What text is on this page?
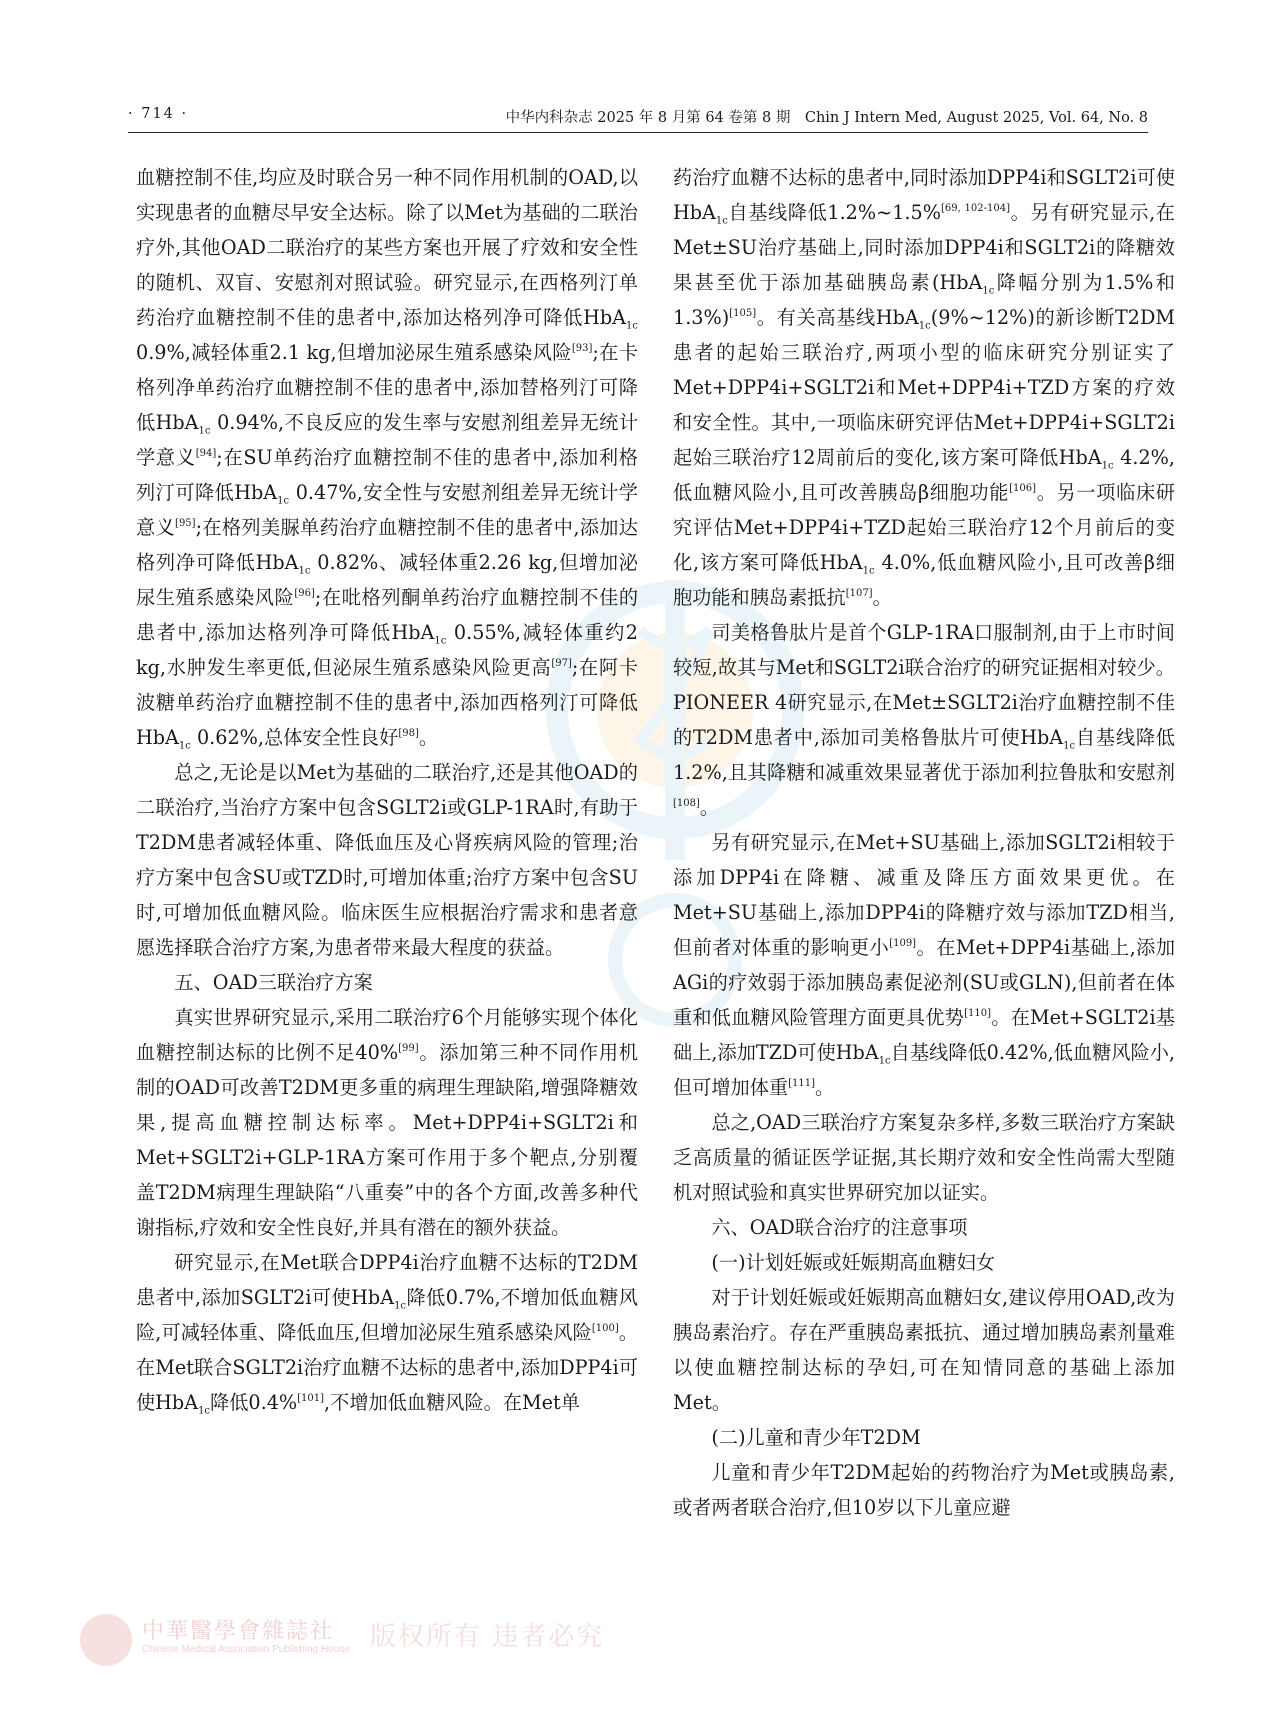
· 714 ·	中华内科杂志 2025 年 8 月第 64 卷第 8 期　Chin J Intern Med, August 2025, Vol. 64, No. 8

血糖控制不佳,均应及时联合另一种不同作用机制的OAD,以实现患者的血糖尽早安全达标。除了以Met为基础的二联治疗外,其他OAD二联治疗的某些方案也开展了疗效和安全性的随机、双盲、安慰剂对照试验。研究显示,在西格列汀单药治疗血糖控制不佳的患者中,添加达格列净可降低HbA$_{1c}$ 0.9%,减轻体重2.1 kg,但增加泌尿生殖系感染风险[93];在卡格列净单药治疗血糖控制不佳的患者中,添加替格列汀可降低HbA$_{1c}$ 0.94%,不良反应的发生率与安慰剂组差异无统计学意义[94];在SU单药治疗血糖控制不佳的患者中,添加利格列汀可降低HbA$_{1c}$ 0.47%,安全性与安慰剂组差异无统计学意义[95];在格列美脲单药治疗血糖控制不佳的患者中,添加达格列净可降低HbA$_{1c}$ 0.82%、减轻体重2.26 kg,但增加泌尿生殖系感染风险[96];在吡格列酮单药治疗血糖控制不佳的患者中,添加达格列净可降低HbA$_{1c}$ 0.55%,减轻体重约2 kg,水肿发生率更低,但泌尿生殖系感染风险更高[97];在阿卡波糖单药治疗血糖控制不佳的患者中,添加西格列汀可降低HbA$_{1c}$ 0.62%,总体安全性良好[98]。

总之,无论是以Met为基础的二联治疗,还是其他OAD的二联治疗,当治疗方案中包含SGLT2i或GLP-1RA时,有助于T2DM患者减轻体重、降低血压及心肾疾病风险的管理;治疗方案中包含SU或TZD时,可增加体重;治疗方案中包含SU时,可增加低血糖风险。临床医生应根据治疗需求和患者意愿选择联合治疗方案,为患者带来最大程度的获益。

五、OAD三联治疗方案

真实世界研究显示,采用二联治疗6个月能够实现个体化血糖控制达标的比例不足40%[99]。添加第三种不同作用机制的OAD可改善T2DM更多重的病理生理缺陷,增强降糖效果,提高血糖控制达标率。Met+DPP4i+SGLT2i和Met+SGLT2i+GLP-1RA方案可作用于多个靶点,分别覆盖T2DM病理生理缺陷“八重奏”中的各个方面,改善多种代谢指标,疗效和安全性良好,并具有潜在的额外获益。

研究显示,在Met联合DPP4i治疗血糖不达标的T2DM患者中,添加SGLT2i可使HbA$_{1c}$降低0.7%,不增加低血糖风险,可减轻体重、降低血压,但增加泌尿生殖系感染风险[100]。在Met联合SGLT2i治疗血糖不达标的患者中,添加DPP4i可使HbA$_{1c}$降低0.4%[101],不增加低血糖风险。在Met单

药治疗血糖不达标的患者中,同时添加DPP4i和SGLT2i可使HbA$_{1c}$自基线降低1.2%~1.5%[69, 102-104]。另有研究显示,在Met±SU治疗基础上,同时添加DPP4i和SGLT2i的降糖效果甚至优于添加基础胰岛素(HbA$_{1c}$降幅分别为1.5%和1.3%)[105]。有关高基线HbA$_{1c}$(9%~12%)的新诊断T2DM患者的起始三联治疗,两项小型的临床研究分别证实了Met+DPP4i+SGLT2i和Met+DPP4i+TZD方案的疗效和安全性。其中,一项临床研究评估Met+DPP4i+SGLT2i起始三联治疗12周前后的变化,该方案可降低HbA$_{1c}$ 4.2%,低血糖风险小,且可改善胰岛β细胞功能[106]。另一项临床研究评估Met+DPP4i+TZD起始三联治疗12个月前后的变化,该方案可降低HbA$_{1c}$ 4.0%,低血糖风险小,且可改善β细胞功能和胰岛素抵抗[107]。

司美格鲁肽片是首个GLP-1RA口服制剂,由于上市时间较短,故其与Met和SGLT2i联合治疗的研究证据相对较少。PIONEER 4研究显示,在Met±SGLT2i治疗血糖控制不佳的T2DM患者中,添加司美格鲁肽片可使HbA$_{1c}$自基线降低1.2%,且其降糖和减重效果显著优于添加利拉鲁肽和安慰剂[108]。

另有研究显示,在Met+SU基础上,添加SGLT2i相较于添加DPP4i在降糖、减重及降压方面效果更优。在Met+SU基础上,添加DPP4i的降糖疗效与添加TZD相当,但前者对体重的影响更小[109]。在Met+DPP4i基础上,添加AGi的疗效弱于添加胰岛素促泌剂(SU或GLN),但前者在体重和低血糖风险管理方面更具优势[110]。在Met+SGLT2i基础上,添加TZD可使HbA$_{1c}$自基线降低0.42%,低血糖风险小,但可增加体重[111]。

总之,OAD三联治疗方案复杂多样,多数三联治疗方案缺乏高质量的循证医学证据,其长期疗效和安全性尚需大型随机对照试验和真实世界研究加以证实。

六、OAD联合治疗的注意事项
(一)计划妊娠或妊娠期高血糖妇女

对于计划妊娠或妊娠期高血糖妇女,建议停用OAD,改为胰岛素治疗。存在严重胰岛素抵抗、通过增加胰岛素剂量难以使血糖控制达标的孕妇,可在知情同意的基础上添加Met。

(二)儿童和青少年T2DM

儿童和青少年T2DM起始的药物治疗为Met或胰岛素,或者两者联合治疗,但10岁以下儿童应避

中華醫學會雜誌社
Chinese Medical Association Publishing House 版权所有 违者必究
